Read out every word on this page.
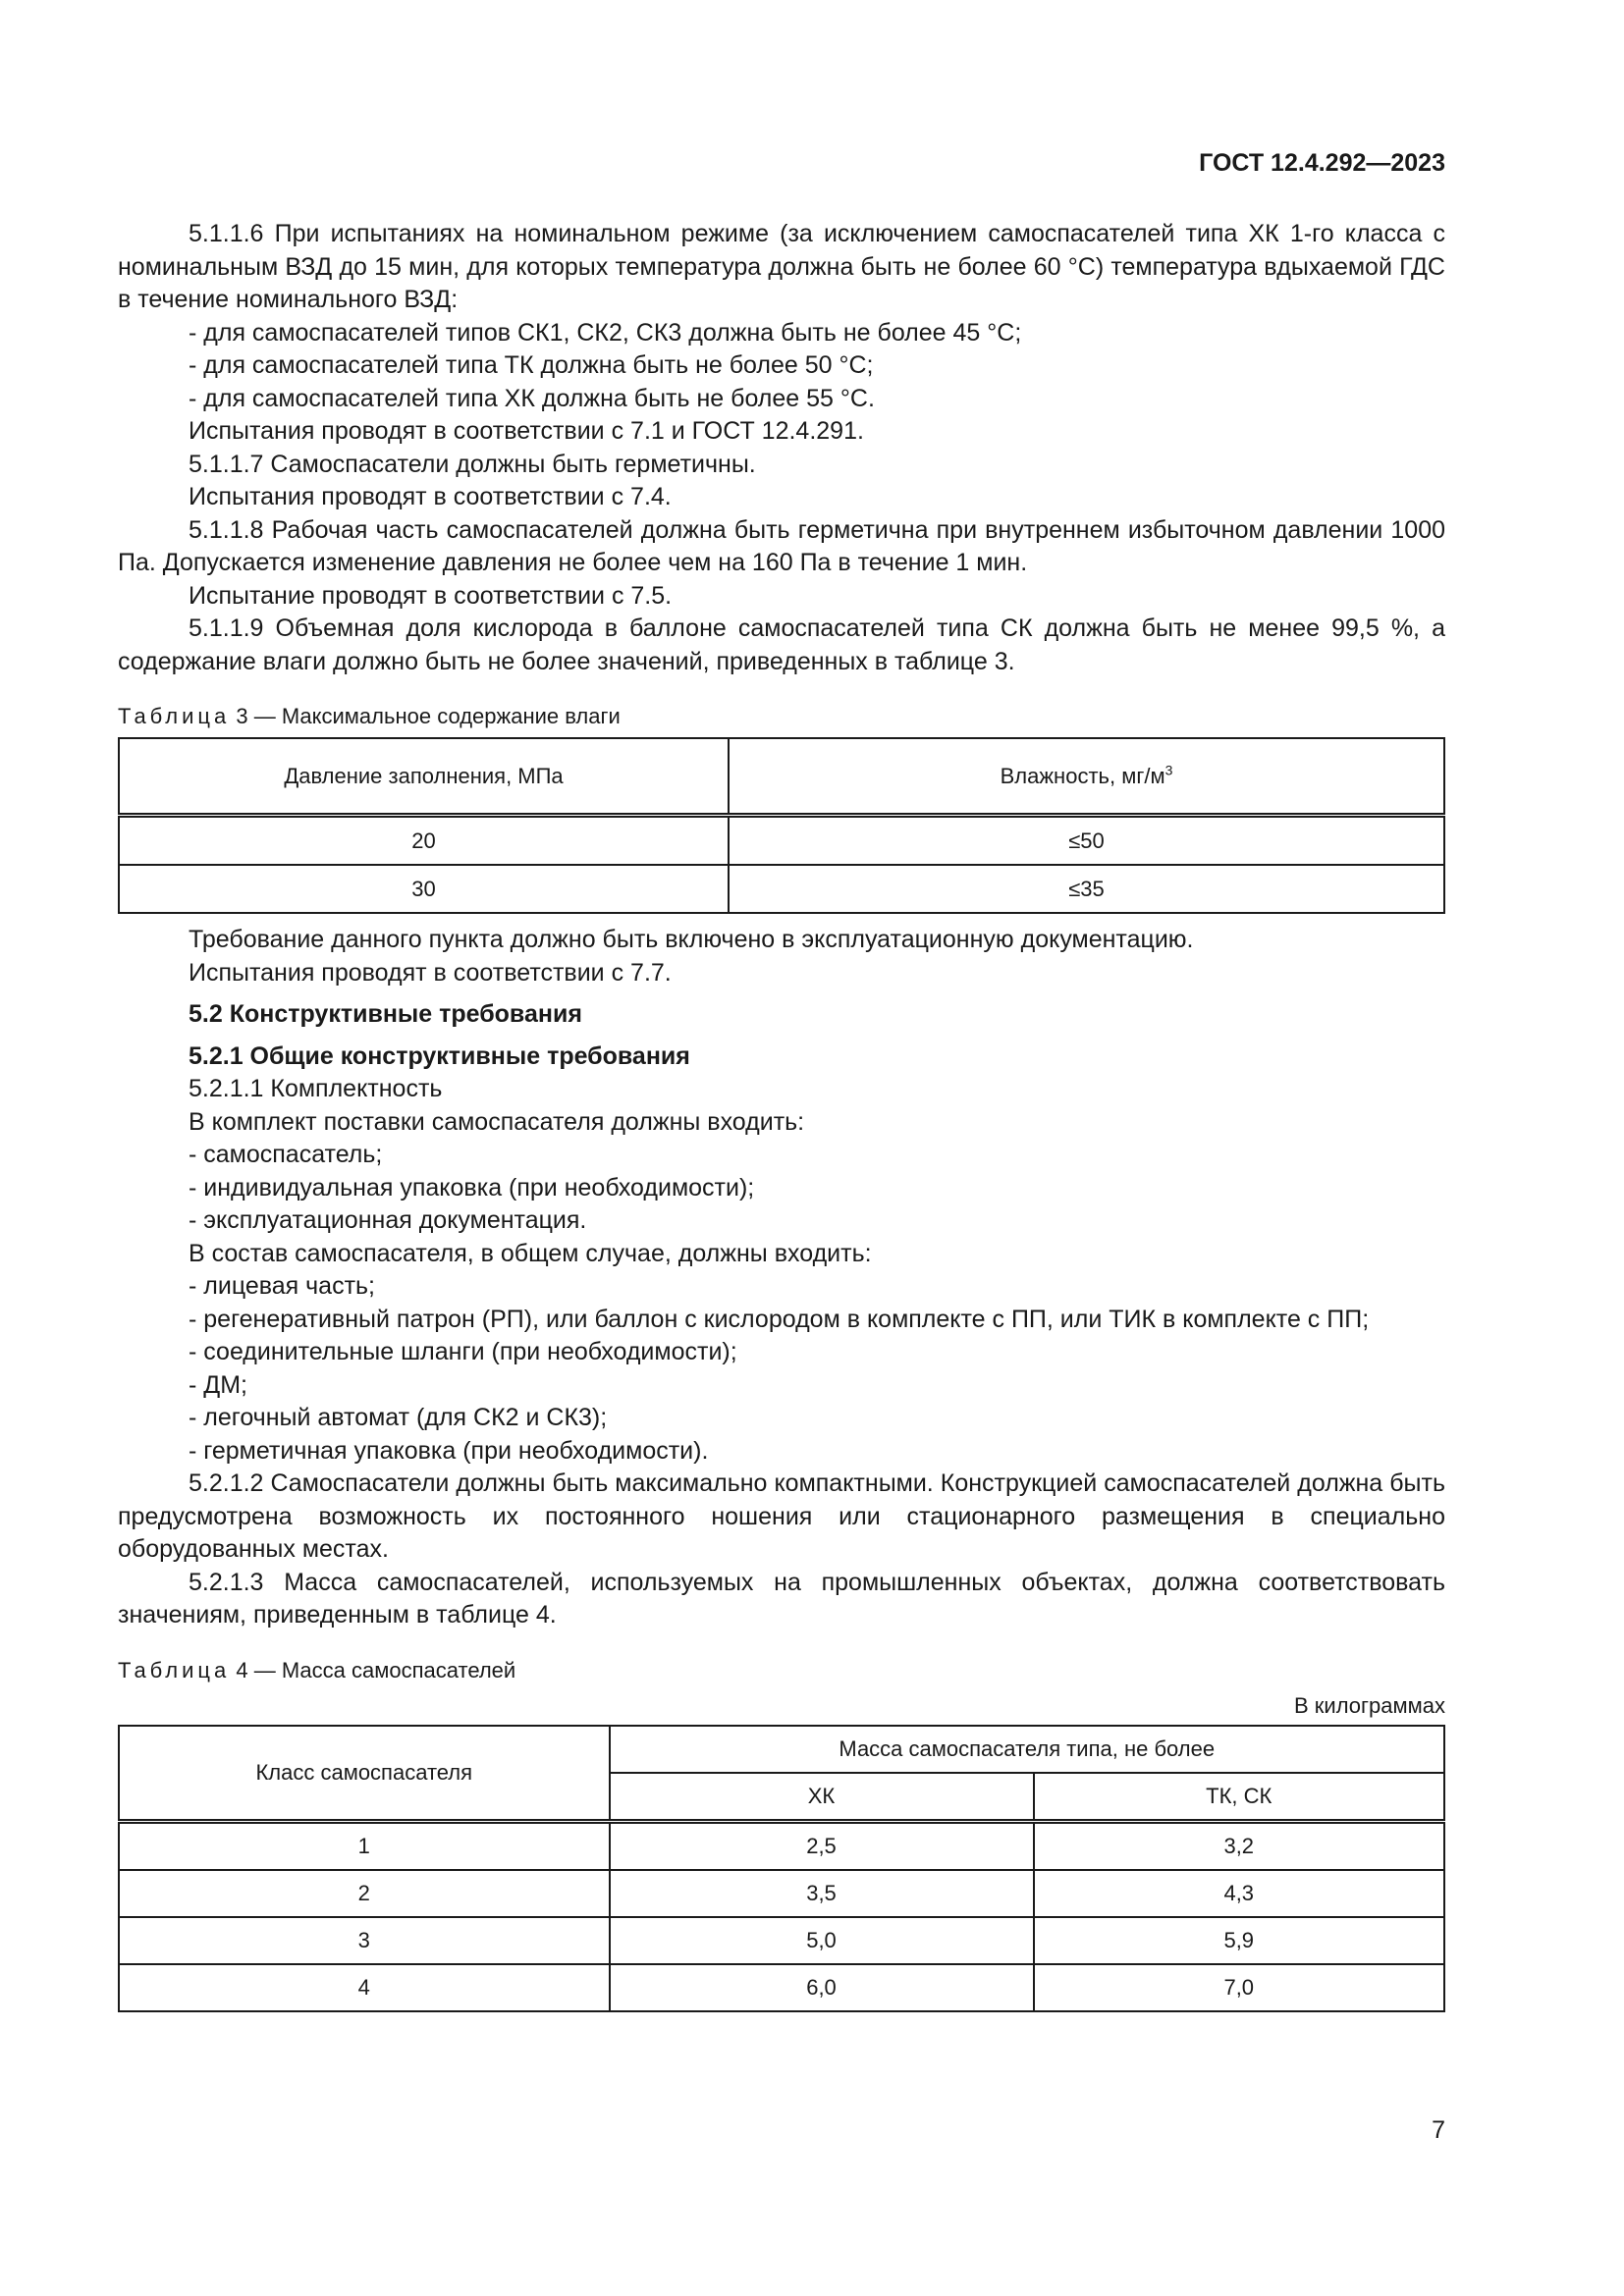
ГОСТ 12.4.292—2023

5.1.1.6 При испытаниях на номинальном режиме (за исключением самоспасателей типа ХК 1-го класса с номинальным ВЗД до 15 мин, для которых температура должна быть не более 60 °С) температура вдыхаемой ГДС в течение номинального ВЗД:

- для самоспасателей типов СК1, СК2, СК3 должна быть не более 45 °С;

- для самоспасателей типа ТК должна быть не более 50 °С;

- для самоспасателей типа ХК должна быть не более 55 °С.

Испытания проводят в соответствии с 7.1 и ГОСТ 12.4.291.

5.1.1.7 Самоспасатели должны быть герметичны.

Испытания проводят в соответствии с 7.4.

5.1.1.8 Рабочая часть самоспасателей должна быть герметична при внутреннем избыточном давлении 1000 Па. Допускается изменение давления не более чем на 160 Па в течение 1 мин.

Испытание проводят в соответствии с 7.5.

5.1.1.9 Объемная доля кислорода в баллоне самоспасателей типа СК должна быть не менее 99,5 %, а содержание влаги должно быть не более значений, приведенных в таблице 3.

Таблица 3 — Максимальное содержание влаги

Давление заполнения, МПа	Влажность, $мг/м^3$
20	≤50
30	≤35

Требование данного пункта должно быть включено в эксплуатационную документацию.

Испытания проводят в соответствии с 7.7.

5.2 Конструктивные требования

5.2.1 Общие конструктивные требования

5.2.1.1 Комплектность

В комплект поставки самоспасателя должны входить:

- самоспасатель;

- индивидуальная упаковка (при необходимости);

- эксплуатационная документация.

В состав самоспасателя, в общем случае, должны входить:

- лицевая часть;

- регенеративный патрон (РП), или баллон с кислородом в комплекте с ПП, или ТИК в комплекте с ПП;

- соединительные шланги (при необходимости);

- ДМ;

- легочный автомат (для СК2 и СК3);

- герметичная упаковка (при необходимости).

5.2.1.2 Самоспасатели должны быть максимально компактными. Конструкцией самоспасателей должна быть предусмотрена возможность их постоянного ношения или стационарного размещения в специально оборудованных местах.

5.2.1.3 Масса самоспасателей, используемых на промышленных объектах, должна соответствовать значениям, приведенным в таблице 4.

Таблица 4 — Масса самоспасателей

В килограммах

Класс самоспасателя	Масса самоспасателя типа, не более	
	ХК	ТК, СК
1	2,5	3,2
2	3,5	4,3
3	5,0	5,9
4	6,0	7,0
7
